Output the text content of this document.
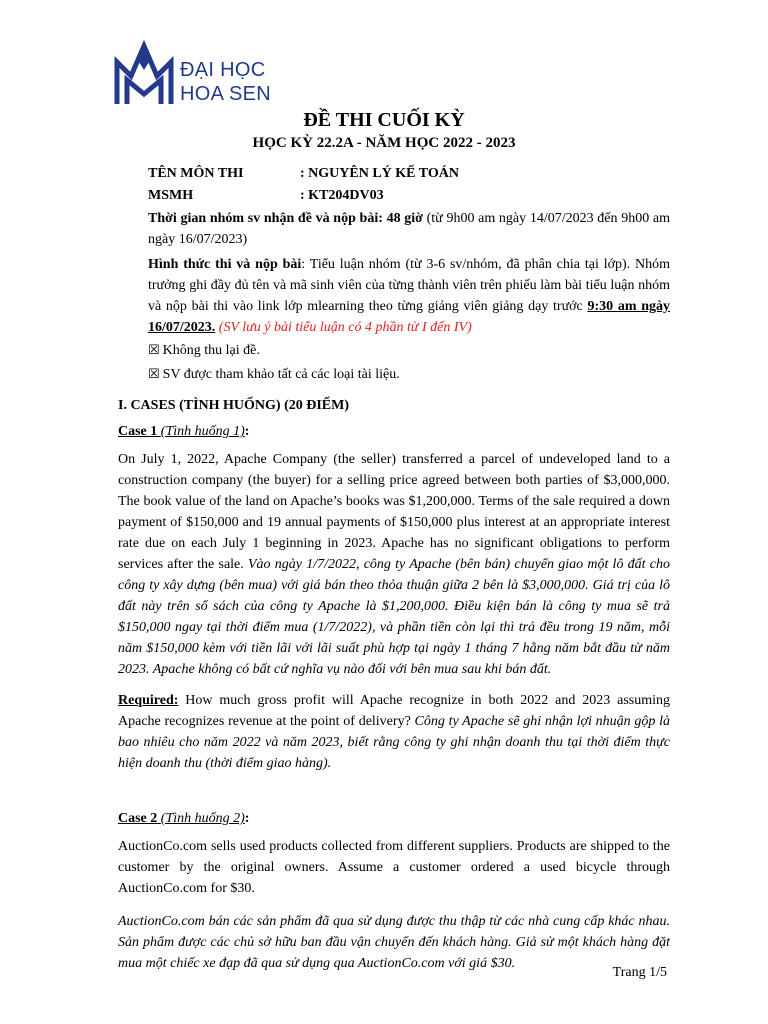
ĐẠI HỌC
HOA SEN
ĐỀ THI CUỐI KỲ
HỌC KỲ 22.2A - NĂM HỌC 2022 - 2023
TÊN MÔN THI	: NGUYÊN LÝ KẾ TOÁN
MSMH	: KT204DV03
Thời gian nhóm sv nhận đề và nộp bài: 48 giờ (từ 9h00 am ngày 14/07/2023 đến 9h00 am ngày 16/07/2023)
Hình thức thi và nộp bài: Tiểu luận nhóm (từ 3-6 sv/nhóm, đã phân chia tại lớp). Nhóm trưởng ghi đầy đủ tên và mã sinh viên của từng thành viên trên phiếu làm bài tiểu luận nhóm và nộp bài thi vào link lớp mlearning theo từng giảng viên giảng dạy trước 9:30 am ngày 16/07/2023. (SV lưu ý bài tiểu luận có 4 phần từ I đến IV)
☒ Không thu lại đề.
☒ SV được tham khảo tất cả các loại tài liệu.
I. CASES (TÌNH HUỐNG) (20 ĐIỂM)
Case 1 (Tình huống 1):
On July 1, 2022, Apache Company (the seller) transferred a parcel of undeveloped land to a construction company (the buyer) for a selling price agreed between both parties of $3,000,000. The book value of the land on Apache’s books was $1,200,000. Terms of the sale required a down payment of $150,000 and 19 annual payments of $150,000 plus interest at an appropriate interest rate due on each July 1 beginning in 2023. Apache has no significant obligations to perform services after the sale. Vào ngày 1/7/2022, công ty Apache (bên bán) chuyển giao một lô đất cho công ty xây dựng (bên mua) với giá bán theo thỏa thuận giữa 2 bên là $3,000,000. Giá trị của lô đất này trên sổ sách của công ty Apache là $1,200,000. Điều kiện bán là công ty mua sẽ trả $150,000 ngay tại thời điểm mua (1/7/2022), và phần tiền còn lại thì trả đều trong 19 năm, mỗi năm $150,000 kèm với tiền lãi với lãi suất phù hợp tại ngày 1 tháng 7 hằng năm bắt đầu từ năm 2023. Apache không có bất cứ nghĩa vụ nào đối với bên mua sau khi bán đất.
Required: How much gross profit will Apache recognize in both 2022 and 2023 assuming Apache recognizes revenue at the point of delivery? Công ty Apache sẽ ghi nhận lợi nhuận gộp là bao nhiêu cho năm 2022 và năm 2023, biết rằng công ty ghi nhận doanh thu tại thời điểm thực hiện doanh thu (thời điểm giao hàng).
Case 2 (Tình huống 2):
AuctionCo.com sells used products collected from different suppliers. Products are shipped to the customer by the original owners. Assume a customer ordered a used bicycle through AuctionCo.com for $30.
AuctionCo.com bán các sản phẩm đã qua sử dụng được thu thập từ các nhà cung cấp khác nhau. Sản phẩm được các chủ sở hữu ban đầu vận chuyển đến khách hàng. Giả sử một khách hàng đặt mua một chiếc xe đạp đã qua sử dụng qua AuctionCo.com với giá $30.
Trang 1/5
